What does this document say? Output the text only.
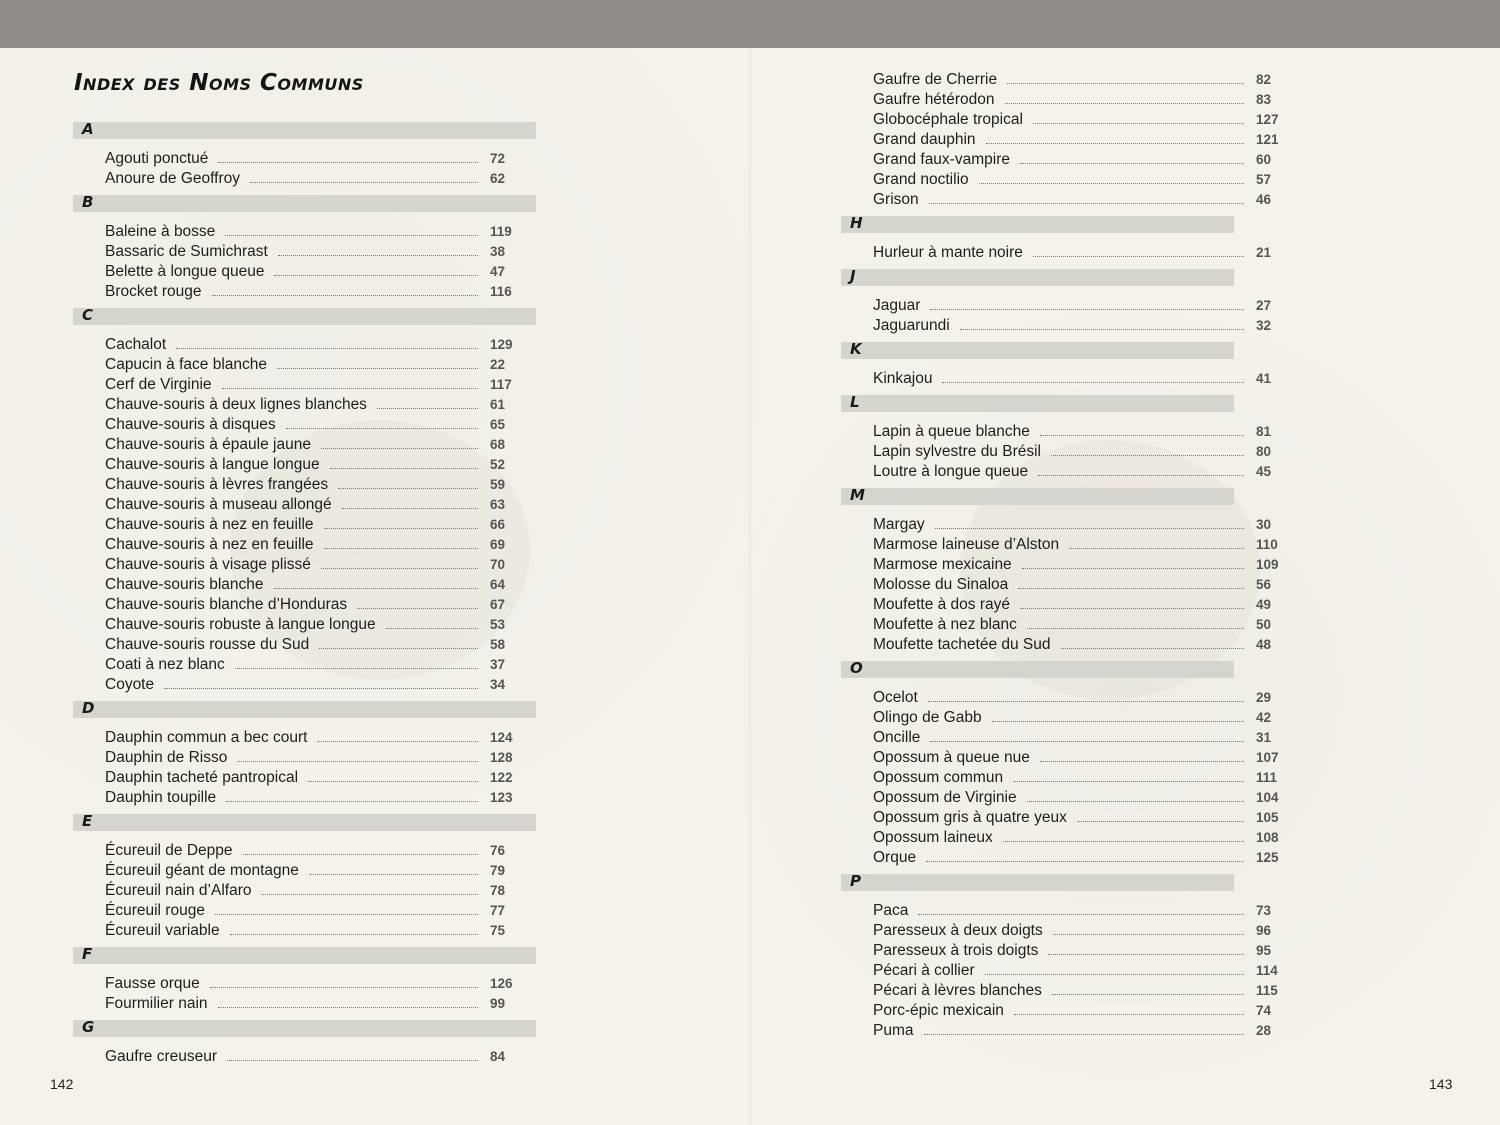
Index des Noms Communs
A
Agouti ponctué	72
Anoure de Geoffroy	62
B
Baleine à bosse	119
Bassaric de Sumichrast	38
Belette à longue queue	47
Brocket rouge	116
C
Cachalot	129
Capucin à face blanche	22
Cerf de Virginie	117
Chauve-souris à deux lignes blanches	61
Chauve-souris à disques	65
Chauve-souris à épaule jaune	68
Chauve-souris à langue longue	52
Chauve-souris à lèvres frangées	59
Chauve-souris à museau allongé	63
Chauve-souris à nez en feuille	66
Chauve-souris à nez en feuille	69
Chauve-souris à visage plissé	70
Chauve-souris blanche	64
Chauve-souris blanche d’Honduras	67
Chauve-souris robuste à langue longue	53
Chauve-souris rousse du Sud	58
Coati à nez blanc	37
Coyote	34
D
Dauphin commun a bec court	124
Dauphin de Risso	128
Dauphin tacheté pantropical	122
Dauphin toupille	123
E
Écureuil de Deppe	76
Écureuil géant de montagne	79
Écureuil nain d’Alfaro	78
Écureuil rouge	77
Écureuil variable	75
F
Fausse orque	126
Fourmilier nain	99
G
Gaufre creuseur	84
Gaufre de Cherrie	82
Gaufre hétérodon	83
Globocéphale tropical	127
Grand dauphin	121
Grand faux-vampire	60
Grand noctilio	57
Grison	46
H
Hurleur à mante noire	21
J
Jaguar	27
Jaguarundi	32
K
Kinkajou	41
L
Lapin à queue blanche	81
Lapin sylvestre du Brésil	80
Loutre à longue queue	45
M
Margay	30
Marmose laineuse d’Alston	110
Marmose mexicaine	109
Molosse du Sinaloa	56
Moufette à dos rayé	49
Moufette à nez blanc	50
Moufette tachetée du Sud	48
O
Ocelot	29
Olingo de Gabb	42
Oncille	31
Opossum à queue nue	107
Opossum commun	111
Opossum de Virginie	104
Opossum gris à quatre yeux	105
Opossum laineux	108
Orque	125
P
Paca	73
Paresseux à deux doigts	96
Paresseux à trois doigts	95
Pécari à collier	114
Pécari à lèvres blanches	115
Porc-épic mexicain	74
Puma	28
142	143
